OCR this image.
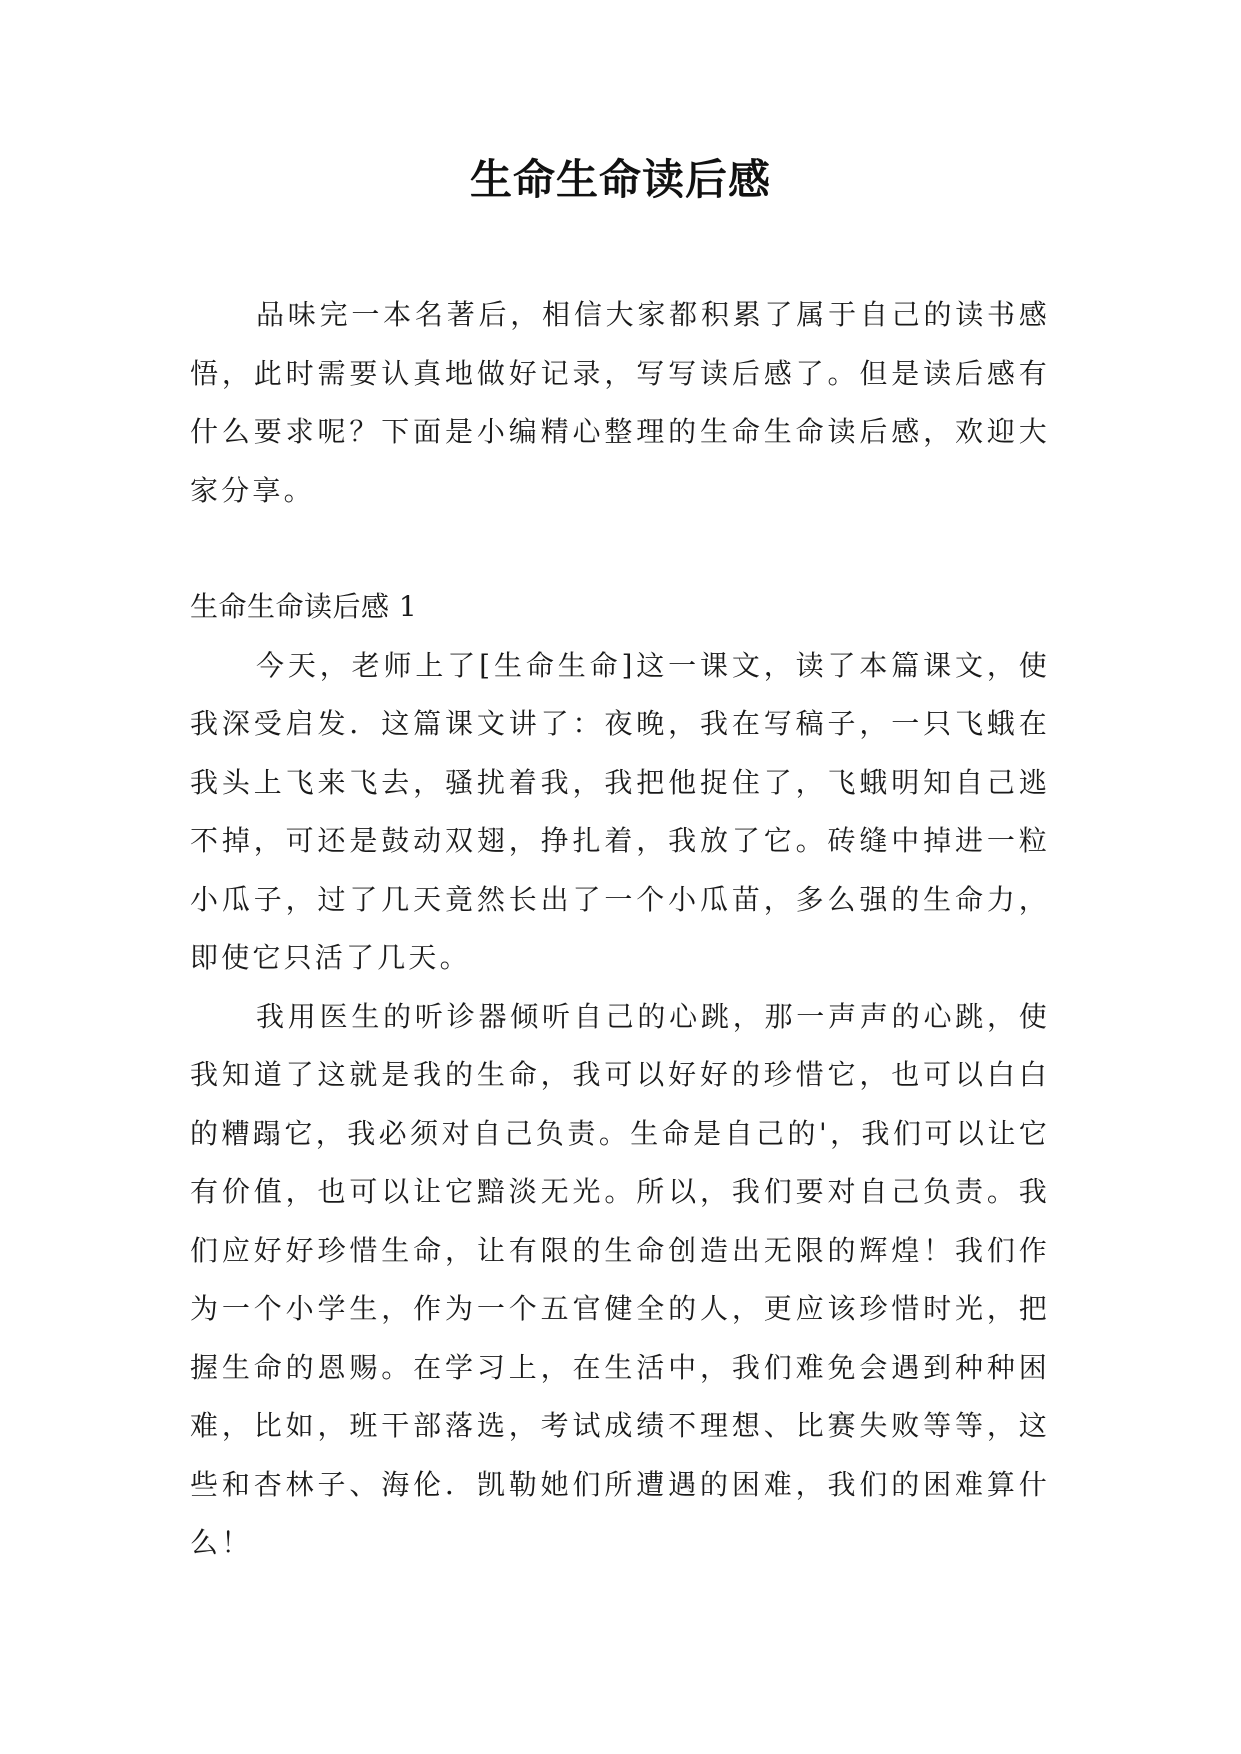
生命生命读后感

品味完一本名著后，相信大家都积累了属于自己的读书感悟，此时需要认真地做好记录，写写读后感了。但是读后感有什么要求呢？下面是小编精心整理的生命生命读后感，欢迎大家分享。

生命生命读后感 1

今天，老师上了[生命生命]这一课文，读了本篇课文，使我深受启发．这篇课文讲了：夜晚，我在写稿子，一只飞蛾在我头上飞来飞去，骚扰着我，我把他捉住了，飞蛾明知自己逃不掉，可还是鼓动双翅，挣扎着，我放了它。砖缝中掉进一粒小瓜子，过了几天竟然长出了一个小瓜苗，多么强的生命力，即使它只活了几天。

我用医生的听诊器倾听自己的心跳，那一声声的心跳，使我知道了这就是我的生命，我可以好好的珍惜它，也可以白白的糟蹋它，我必须对自己负责。生命是自己的'，我们可以让它有价值，也可以让它黯淡无光。所以，我们要对自己负责。我们应好好珍惜生命，让有限的生命创造出无限的辉煌！我们作为一个小学生，作为一个五官健全的人，更应该珍惜时光，把握生命的恩赐。在学习上，在生活中，我们难免会遇到种种困难，比如，班干部落选，考试成绩不理想、比赛失败等等，这些和杏林子、海伦．凯勒她们所遭遇的困难，我们的困难算什么！
